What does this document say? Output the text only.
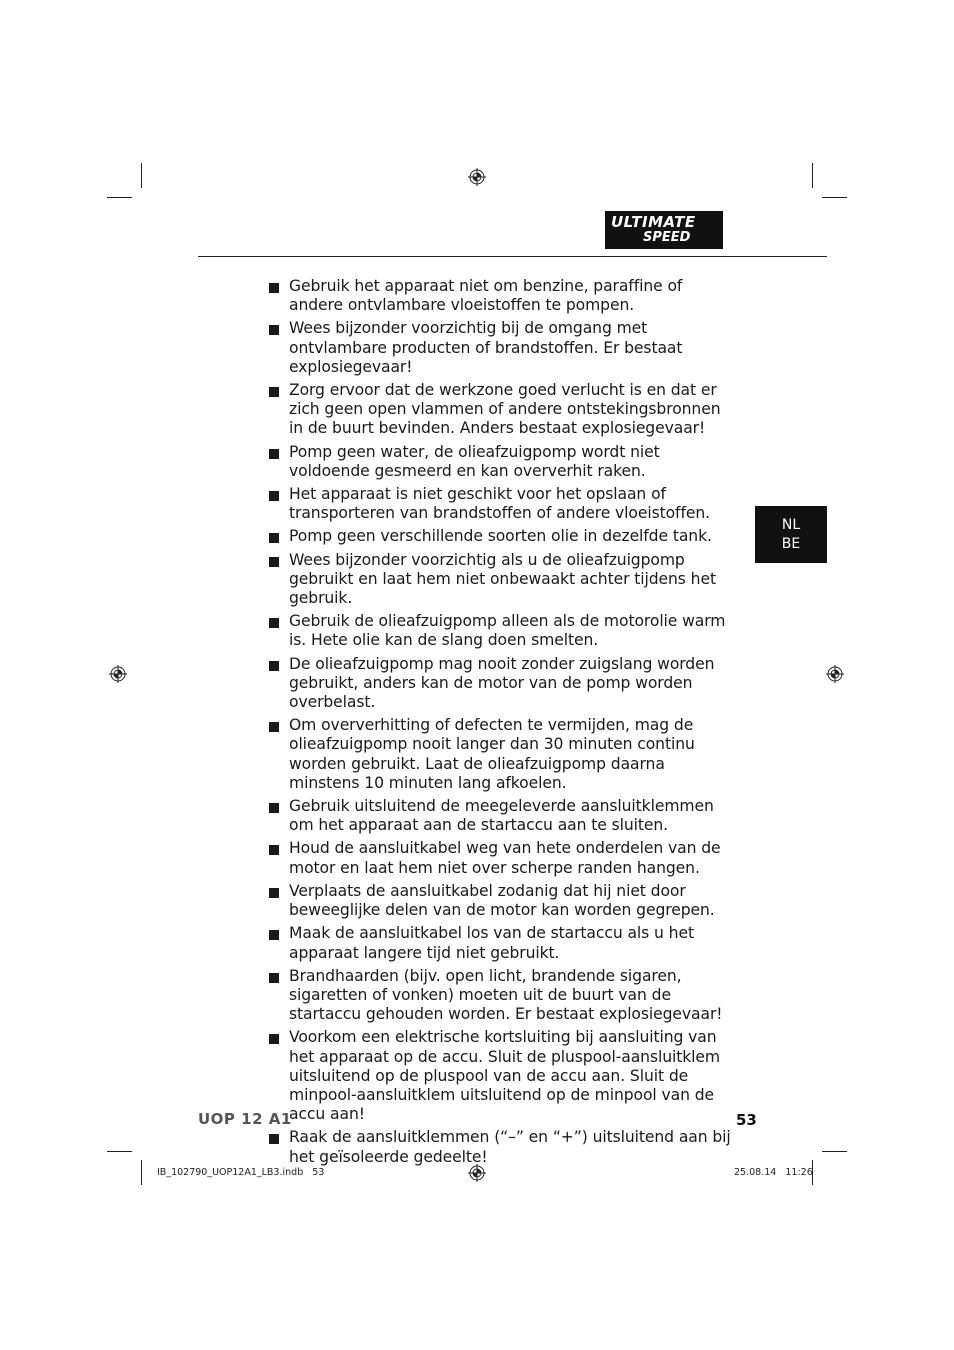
ULTIMATE
SPEED
NL
BE
Gebruik het apparaat niet om benzine, paraffine of andere ontvlambare vloeistoffen te pompen.
Wees bijzonder voorzichtig bij de omgang met ontvlambare producten of brandstoffen. Er bestaat explosiegevaar!
Zorg ervoor dat de werkzone goed verlucht is en dat er zich geen open vlammen of andere ontstekingsbronnen in de buurt bevinden. Anders bestaat explosiegevaar!
Pomp geen water, de olieafzuigpomp wordt niet voldoende gesmeerd en kan oververhit raken.
Het apparaat is niet geschikt voor het opslaan of transporteren van brandstoffen of andere vloeistoffen.
Pomp geen verschillende soorten olie in dezelfde tank.
Wees bijzonder voorzichtig als u de olieafzuigpomp gebruikt en laat hem niet onbewaakt achter tijdens het gebruik.
Gebruik de olieafzuigpomp alleen als de motorolie warm is. Hete olie kan de slang doen smelten.
De olieafzuigpomp mag nooit zonder zuigslang worden gebruikt, anders kan de motor van de pomp worden overbelast.
Om oververhitting of defecten te vermijden, mag de olieafzuigpomp nooit langer dan 30 minuten continu worden gebruikt. Laat de olieafzuigpomp daarna minstens 10 minuten lang afkoelen.
Gebruik uitsluitend de meegeleverde aansluitklemmen om het apparaat aan de startaccu aan te sluiten.
Houd de aansluitkabel weg van hete onderdelen van de motor en laat hem niet over scherpe randen hangen.
Verplaats de aansluitkabel zodanig dat hij niet door beweeglijke delen van de motor kan worden gegrepen.
Maak de aansluitkabel los van de startaccu als u het apparaat langere tijd niet gebruikt.
Brandhaarden (bijv. open licht, brandende sigaren, sigaretten of vonken) moeten uit de buurt van de startaccu gehouden worden. Er bestaat explosiegevaar!
Voorkom een elektrische kortsluiting bij aansluiting van het apparaat op de accu. Sluit de pluspool-aansluitklem uitsluitend op de pluspool van de accu aan. Sluit de minpool-aansluitklem uitsluitend op de minpool van de accu aan!
Raak de aansluitklemmen (“–” en “+”) uitsluitend aan bij het geïsoleerde gedeelte!
UOP 12 A1	53
IB_102790_UOP12A1_LB3.indb   53	25.08.14   11:26
